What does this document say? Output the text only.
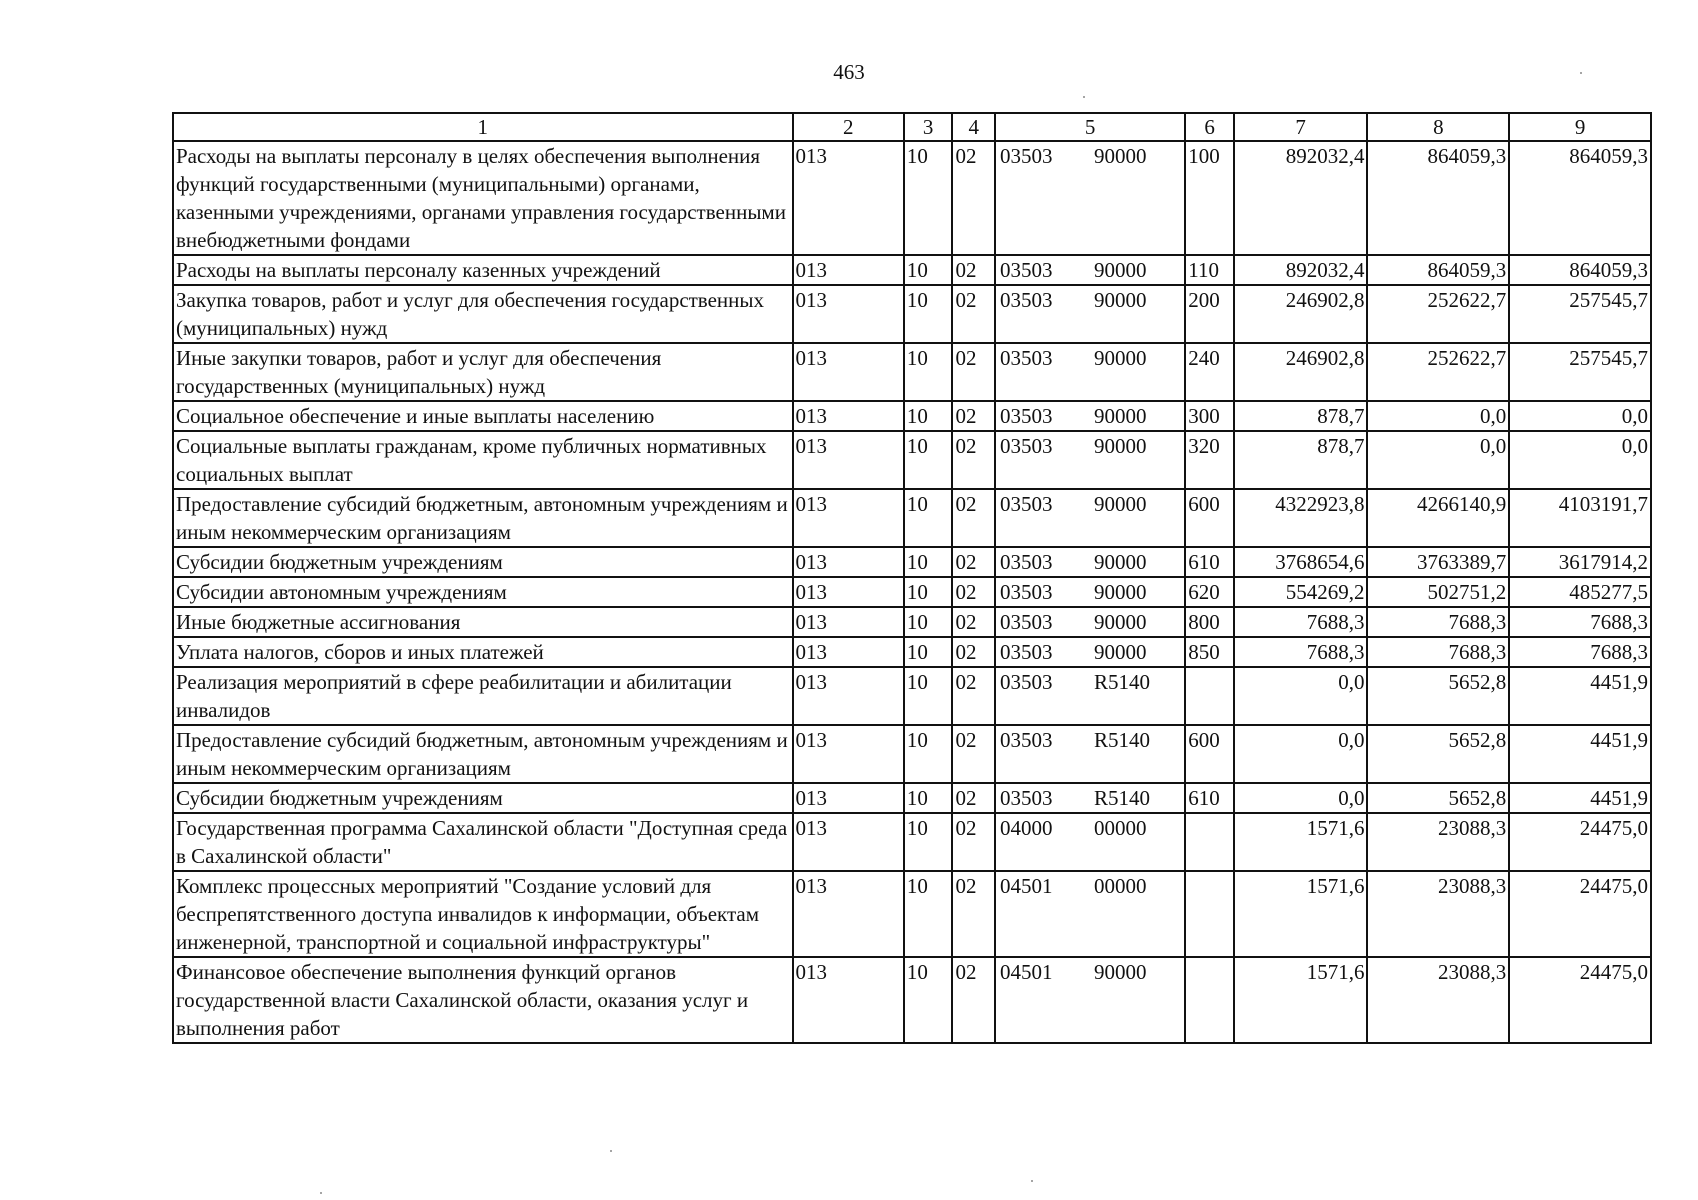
463
1	2	3	4	5	6	7	8	9
Расходы на выплаты персоналу в целях обеспечения выполнения функций государственными (муниципальными) органами, казенными учреждениями, органами управления государственными внебюджетными фондами	013	10	02	03503 90000	100	892032,4	864059,3	864059,3
Расходы на выплаты персоналу казенных учреждений	013	10	02	03503 90000	110	892032,4	864059,3	864059,3
Закупка товаров, работ и услуг для обеспечения государственных (муниципальных) нужд	013	10	02	03503 90000	200	246902,8	252622,7	257545,7
Иные закупки товаров, работ и услуг для обеспечения государственных (муниципальных) нужд	013	10	02	03503 90000	240	246902,8	252622,7	257545,7
Социальное обеспечение и иные выплаты населению	013	10	02	03503 90000	300	878,7	0,0	0,0
Социальные выплаты гражданам, кроме публичных нормативных социальных выплат	013	10	02	03503 90000	320	878,7	0,0	0,0
Предоставление субсидий бюджетным, автономным учреждениям и иным некоммерческим организациям	013	10	02	03503 90000	600	4322923,8	4266140,9	4103191,7
Субсидии бюджетным учреждениям	013	10	02	03503 90000	610	3768654,6	3763389,7	3617914,2
Субсидии автономным учреждениям	013	10	02	03503 90000	620	554269,2	502751,2	485277,5
Иные бюджетные ассигнования	013	10	02	03503 90000	800	7688,3	7688,3	7688,3
Уплата налогов, сборов и иных платежей	013	10	02	03503 90000	850	7688,3	7688,3	7688,3
Реализация мероприятий в сфере реабилитации и абилитации инвалидов	013	10	02	03503 R5140		0,0	5652,8	4451,9
Предоставление субсидий бюджетным, автономным учреждениям и иным некоммерческим организациям	013	10	02	03503 R5140	600	0,0	5652,8	4451,9
Субсидии бюджетным учреждениям	013	10	02	03503 R5140	610	0,0	5652,8	4451,9
Государственная программа Сахалинской области "Доступная среда в Сахалинской области"	013	10	02	04000 00000		1571,6	23088,3	24475,0
Комплекс процессных мероприятий "Создание условий для беспрепятственного доступа инвалидов к информации, объектам инженерной, транспортной и социальной инфраструктуры"	013	10	02	04501 00000		1571,6	23088,3	24475,0
Финансовое обеспечение выполнения функций органов государственной власти Сахалинской области, оказания услуг и выполнения работ	013	10	02	04501 90000		1571,6	23088,3	24475,0
